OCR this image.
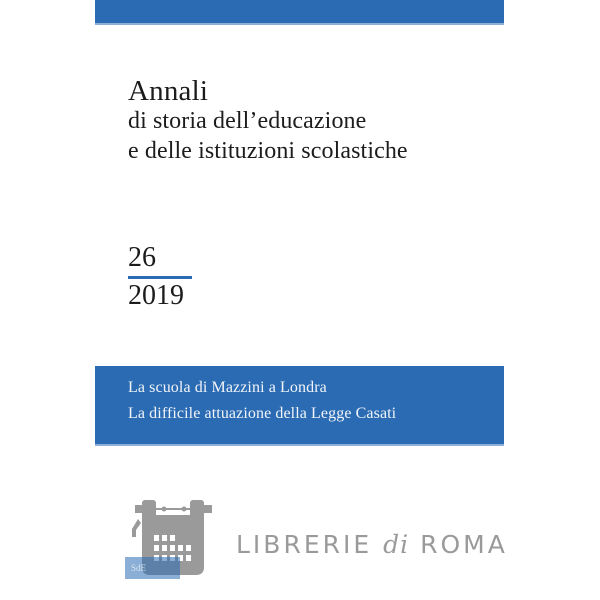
Annali
di storia dell’educazione
e delle istituzioni scolastiche
26
2019
La scuola di Mazzini a Londra
La difficile attuazione della Legge Casati
SdE
LIBRERIE di ROMA
